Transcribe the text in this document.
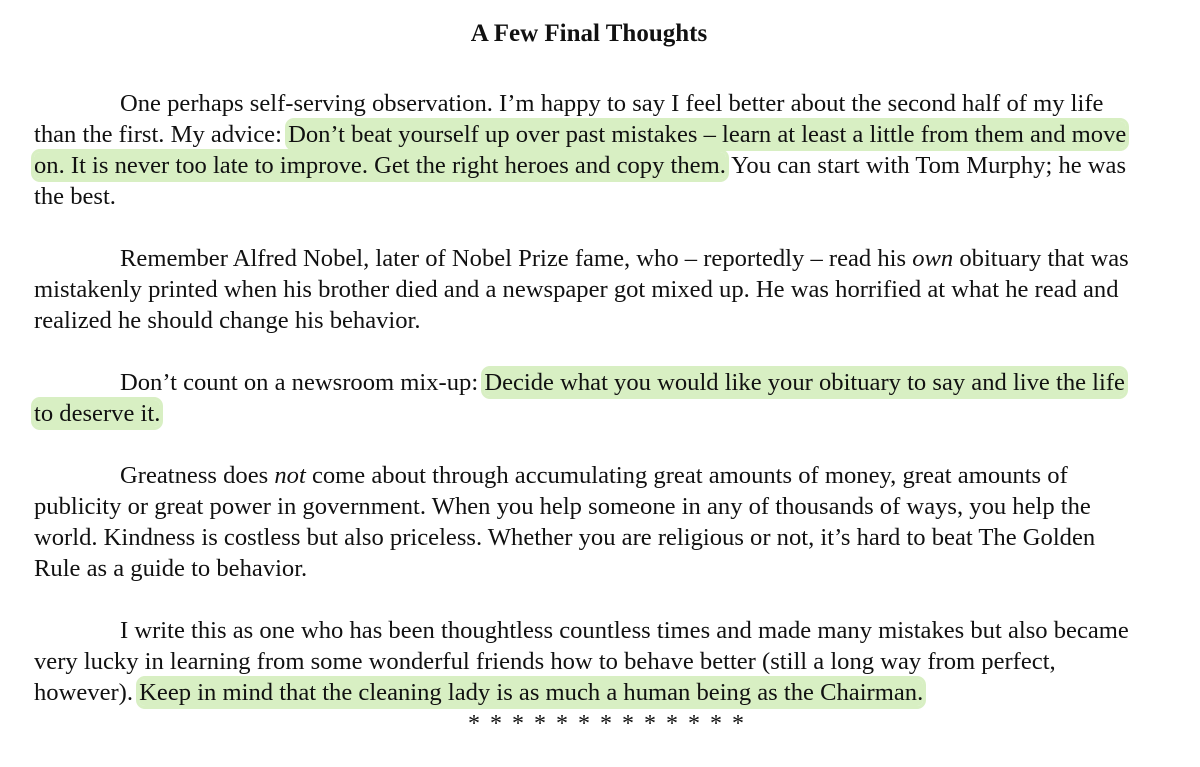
A Few Final Thoughts

One perhaps self-serving observation. I’m happy to say I feel better about the second half of my life than the first. My advice: Don’t beat yourself up over past mistakes – learn at least a little from them and move on. It is never too late to improve. Get the right heroes and copy them. You can start with Tom Murphy; he was the best.

Remember Alfred Nobel, later of Nobel Prize fame, who – reportedly – read his own obituary that was mistakenly printed when his brother died and a newspaper got mixed up. He was horrified at what he read and realized he should change his behavior.

Don’t count on a newsroom mix-up: Decide what you would like your obituary to say and live the life to deserve it.

Greatness does not come about through accumulating great amounts of money, great amounts of publicity or great power in government. When you help someone in any of thousands of ways, you help the world. Kindness is costless but also priceless. Whether you are religious or not, it’s hard to beat The Golden Rule as a guide to behavior.

I write this as one who has been thoughtless countless times and made many mistakes but also became very lucky in learning from some wonderful friends how to behave better (still a long way from perfect, however). Keep in mind that the cleaning lady is as much a human being as the Chairman.

* * * * * * * * * * * * *
